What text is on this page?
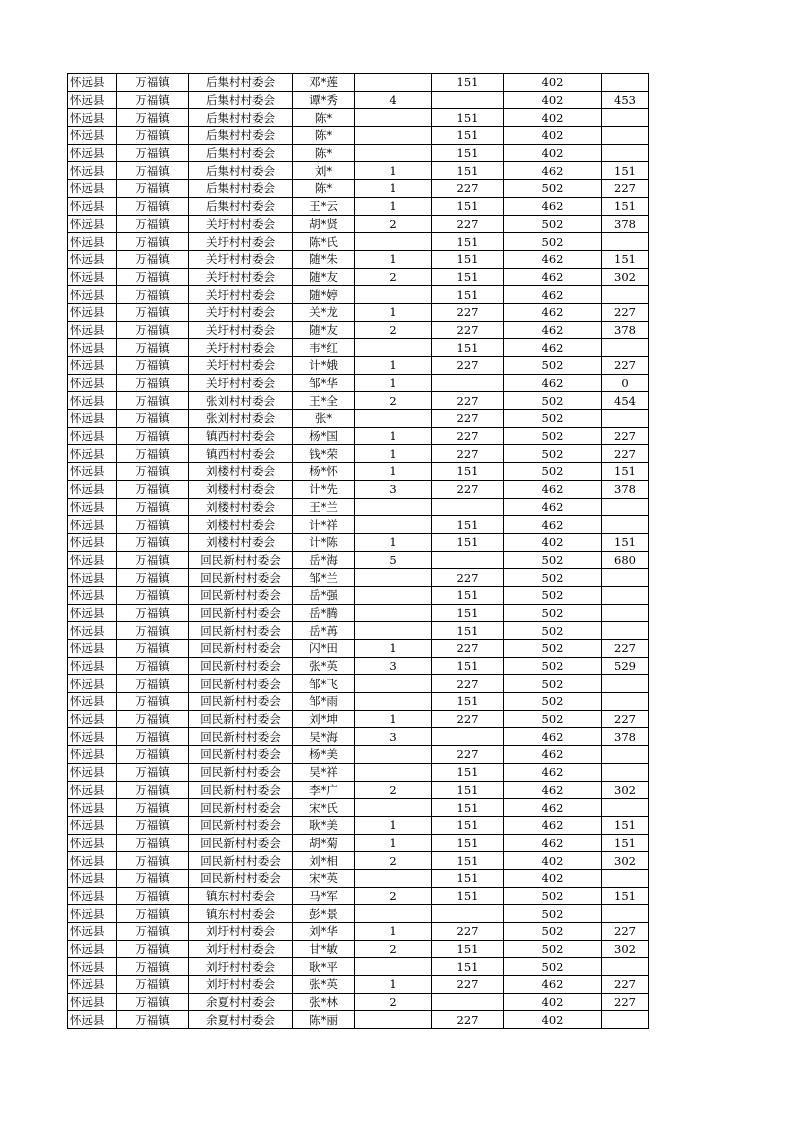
怀远县	万福镇	后集村村委会	邓*莲		151	402	
怀远县	万福镇	后集村村委会	谭*秀	4		402	453
怀远县	万福镇	后集村村委会	陈*		151	402	
怀远县	万福镇	后集村村委会	陈*		151	402	
怀远县	万福镇	后集村村委会	陈*		151	402	
怀远县	万福镇	后集村村委会	刘*	1	151	462	151
怀远县	万福镇	后集村村委会	陈*	1	227	502	227
怀远县	万福镇	后集村村委会	王*云	1	151	462	151
怀远县	万福镇	关圩村村委会	胡*贤	2	227	502	378
怀远县	万福镇	关圩村村委会	陈*氏		151	502	
怀远县	万福镇	关圩村村委会	随*朱	1	151	462	151
怀远县	万福镇	关圩村村委会	随*友	2	151	462	302
怀远县	万福镇	关圩村村委会	随*婷		151	462	
怀远县	万福镇	关圩村村委会	关*龙	1	227	462	227
怀远县	万福镇	关圩村村委会	随*友	2	227	462	378
怀远县	万福镇	关圩村村委会	韦*红		151	462	
怀远县	万福镇	关圩村村委会	计*娥	1	227	502	227
怀远县	万福镇	关圩村村委会	邹*华	1		462	0
怀远县	万福镇	张刘村村委会	王*全	2	227	502	454
怀远县	万福镇	张刘村村委会	张*		227	502	
怀远县	万福镇	镇西村村委会	杨*国	1	227	502	227
怀远县	万福镇	镇西村村委会	钱*荣	1	227	502	227
怀远县	万福镇	刘楼村村委会	杨*怀	1	151	502	151
怀远县	万福镇	刘楼村村委会	计*先	3	227	462	378
怀远县	万福镇	刘楼村村委会	王*兰			462	
怀远县	万福镇	刘楼村村委会	计*祥		151	462	
怀远县	万福镇	刘楼村村委会	计*陈	1	151	402	151
怀远县	万福镇	回民新村村委会	岳*海	5		502	680
怀远县	万福镇	回民新村村委会	邹*兰		227	502	
怀远县	万福镇	回民新村村委会	岳*强		151	502	
怀远县	万福镇	回民新村村委会	岳*腾		151	502	
怀远县	万福镇	回民新村村委会	岳*苒		151	502	
怀远县	万福镇	回民新村村委会	闪*田	1	227	502	227
怀远县	万福镇	回民新村村委会	张*英	3	151	502	529
怀远县	万福镇	回民新村村委会	邹*飞		227	502	
怀远县	万福镇	回民新村村委会	邹*雨		151	502	
怀远县	万福镇	回民新村村委会	刘*坤	1	227	502	227
怀远县	万福镇	回民新村村委会	吴*海	3		462	378
怀远县	万福镇	回民新村村委会	杨*美		227	462	
怀远县	万福镇	回民新村村委会	吴*祥		151	462	
怀远县	万福镇	回民新村村委会	李*广	2	151	462	302
怀远县	万福镇	回民新村村委会	宋*氏		151	462	
怀远县	万福镇	回民新村村委会	耿*美	1	151	462	151
怀远县	万福镇	回民新村村委会	胡*菊	1	151	462	151
怀远县	万福镇	回民新村村委会	刘*相	2	151	402	302
怀远县	万福镇	回民新村村委会	宋*英		151	402	
怀远县	万福镇	镇东村村委会	马*军	2	151	502	151
怀远县	万福镇	镇东村村委会	彭*景			502	
怀远县	万福镇	刘圩村村委会	刘*华	1	227	502	227
怀远县	万福镇	刘圩村村委会	甘*敏	2	151	502	302
怀远县	万福镇	刘圩村村委会	耿*平		151	502	
怀远县	万福镇	刘圩村村委会	张*英	1	227	462	227
怀远县	万福镇	余夏村村委会	张*林	2		402	227
怀远县	万福镇	余夏村村委会	陈*丽		227	402	
